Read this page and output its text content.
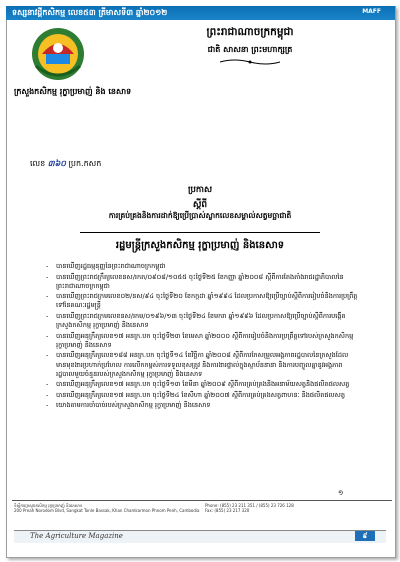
ទស្សនាវដ្ដីកសិកម្ម លេខ៥៣ ត្រីមាសទី៣ ឆ្នាំ២០១២	MAFF
ក្រសួងកសិកម្ម រុក្ខាប្រមាញ់ និង នេសាទ
ព្រះរាជាណាចក្រកម្ពុជា
ជាតិ សាសនា ព្រះមហាក្សត្រ
លេខ ៣៦០ ប្រក.កសក
ប្រកាស
ស្ដីពី
ការគ្រប់គ្រងនិងការដាក់ឱ្យប្រើប្រាស់ស្លាកលេខសម្គាល់សត្វមច្ឆាជាតិ
រដ្ឋមន្ត្រីក្រសួងកសិកម្ម រុក្ខាប្រមាញ់ និងនេសាទ
- បានឃើញរដ្ឋធម្មនុញ្ញនៃព្រះរាជាណាចក្រកម្ពុជា
- បានឃើញព្រះរាជក្រឹត្យលេខនស/រកត/០៩០៨/១០៥៥ ចុះថ្ងៃទី២៥ ខែកញ្ញា ឆ្នាំ២០០៨ ស្ដីពីការតែងតាំងរាជរដ្ឋាភិបាលនៃព្រះរាជាណាចក្រកម្ពុជា
- បានឃើញព្រះរាជក្រមលេខ០២/នស/៩៤ ចុះថ្ងៃទី២០ ខែកក្កដា ឆ្នាំ១៩៩៤ ដែលប្រកាសឱ្យប្រើច្បាប់ស្ដីពីការរៀបចំនិងការប្រព្រឹត្តទៅនៃគណៈរដ្ឋមន្ត្រី
- បានឃើញព្រះរាជក្រមលេខនស/រកម/០១៩៦/១៣ ចុះថ្ងៃទី២៤ ខែមករា ឆ្នាំ១៩៩៦ ដែលប្រកាសឱ្យប្រើច្បាប់ស្ដីពីការបង្កើតក្រសួងកសិកម្ម រុក្ខាប្រមាញ់ និងនេសាទ
- បានឃើញអនុក្រឹត្យលេខ១៧ អនក្រ.បក ចុះថ្ងៃទី២៣ ខែមេសា ឆ្នាំ២០០០ ស្ដីពីការរៀបចំនិងការប្រព្រឹត្តទៅរបស់ក្រសួងកសិកម្ម រុក្ខាប្រមាញ់ និងនេសាទ
- បានឃើញអនុក្រឹត្យលេខ១៨៨ អនក្រ.បក ចុះថ្ងៃទី១៤ ខែវិច្ឆិកា ឆ្នាំ២០០៨ ស្ដីពីការកែសម្រួលអង្គភាពរដ្ឋបាលនៃក្រសួងដែលមានមុខងារប្រហាក់ប្រហែល ការលើកកម្ពស់ការទទួលខុសត្រូវ និងការងារផ្ទាល់ក្នុងស្ថាប័ននានា និងការបញ្ចូលគ្នានូវអង្គភាពរដ្ឋបាលមួយចំនួនរបស់ក្រសួងកសិកម្ម រុក្ខាប្រមាញ់ និងនេសាទ
- បានឃើញអនុក្រឹត្យលេខ១៧ អនក្រ.បក ចុះថ្ងៃទី១៣ ខែមីនា ឆ្នាំ២០០៩ ស្ដីពីការគ្រប់គ្រងនិងអនាម័យសត្វនិងផលិតផលសត្វ
- បានឃើញអនុក្រឹត្យលេខ១៧ អនក្រ.បក ចុះថ្ងៃទី២៤ ខែសីហា ឆ្នាំ២០០៧ ស្ដីពីការគ្រប់គ្រងសត្វពាហនៈ និងផលិតផលសត្វ
- យោងតាមការចាំបាច់របស់ក្រសួងកសិកម្ម រុក្ខាប្រមាញ់ និងនេសាទ
១
ទីស្ដីការក្រសួងកសិកម្ម រុក្ខាប្រមាញ់ និងនេសាទ
200 Preah Norodom Blvd, Sangkat Tonle Bassak, Khan Chamkarmon Phnom Penh, Cambodia
Phone: (855) 23 211 351 / (855) 23 726 128
Fax: (855) 23 217 320
The Agriculture Magazine	៩
